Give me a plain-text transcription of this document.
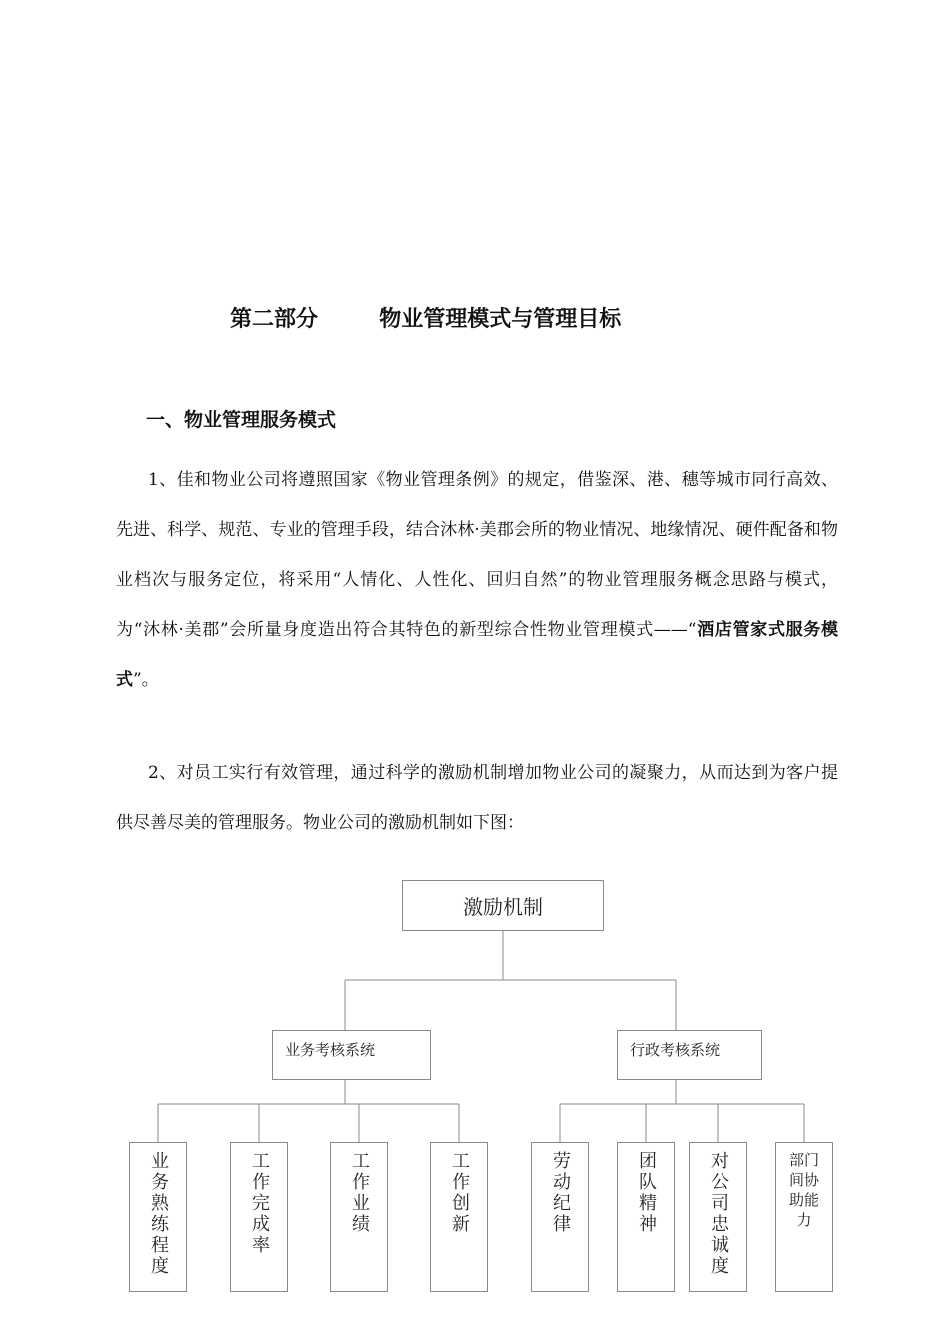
第二部分        物业管理模式与管理目标
一、物业管理服务模式

1、佳和物业公司将遵照国家《物业管理条例》的规定，借鉴深、港、穗等城市同行高效、先进、科学、规范、专业的管理手段，结合沐林·美郡会所的物业情况、地缘情况、硬件配备和物业档次与服务定位，将采用“人情化、人性化、回归自然”的物业管理服务概念思路与模式，为“沐林·美郡”会所量身度造出符合其特色的新型综合性物业管理模式——“酒店管家式服务模式”。

2、对员工实行有效管理，通过科学的激励机制增加物业公司的凝聚力，从而达到为客户提供尽善尽美的管理服务。物业公司的激励机制如下图：

激励机制
业务考核系统	行政考核系统
业务熟练程度	工作完成率	工作业绩	工作创新	劳动纪律	团队精神	对公司忠诚度	部门间协助能力
